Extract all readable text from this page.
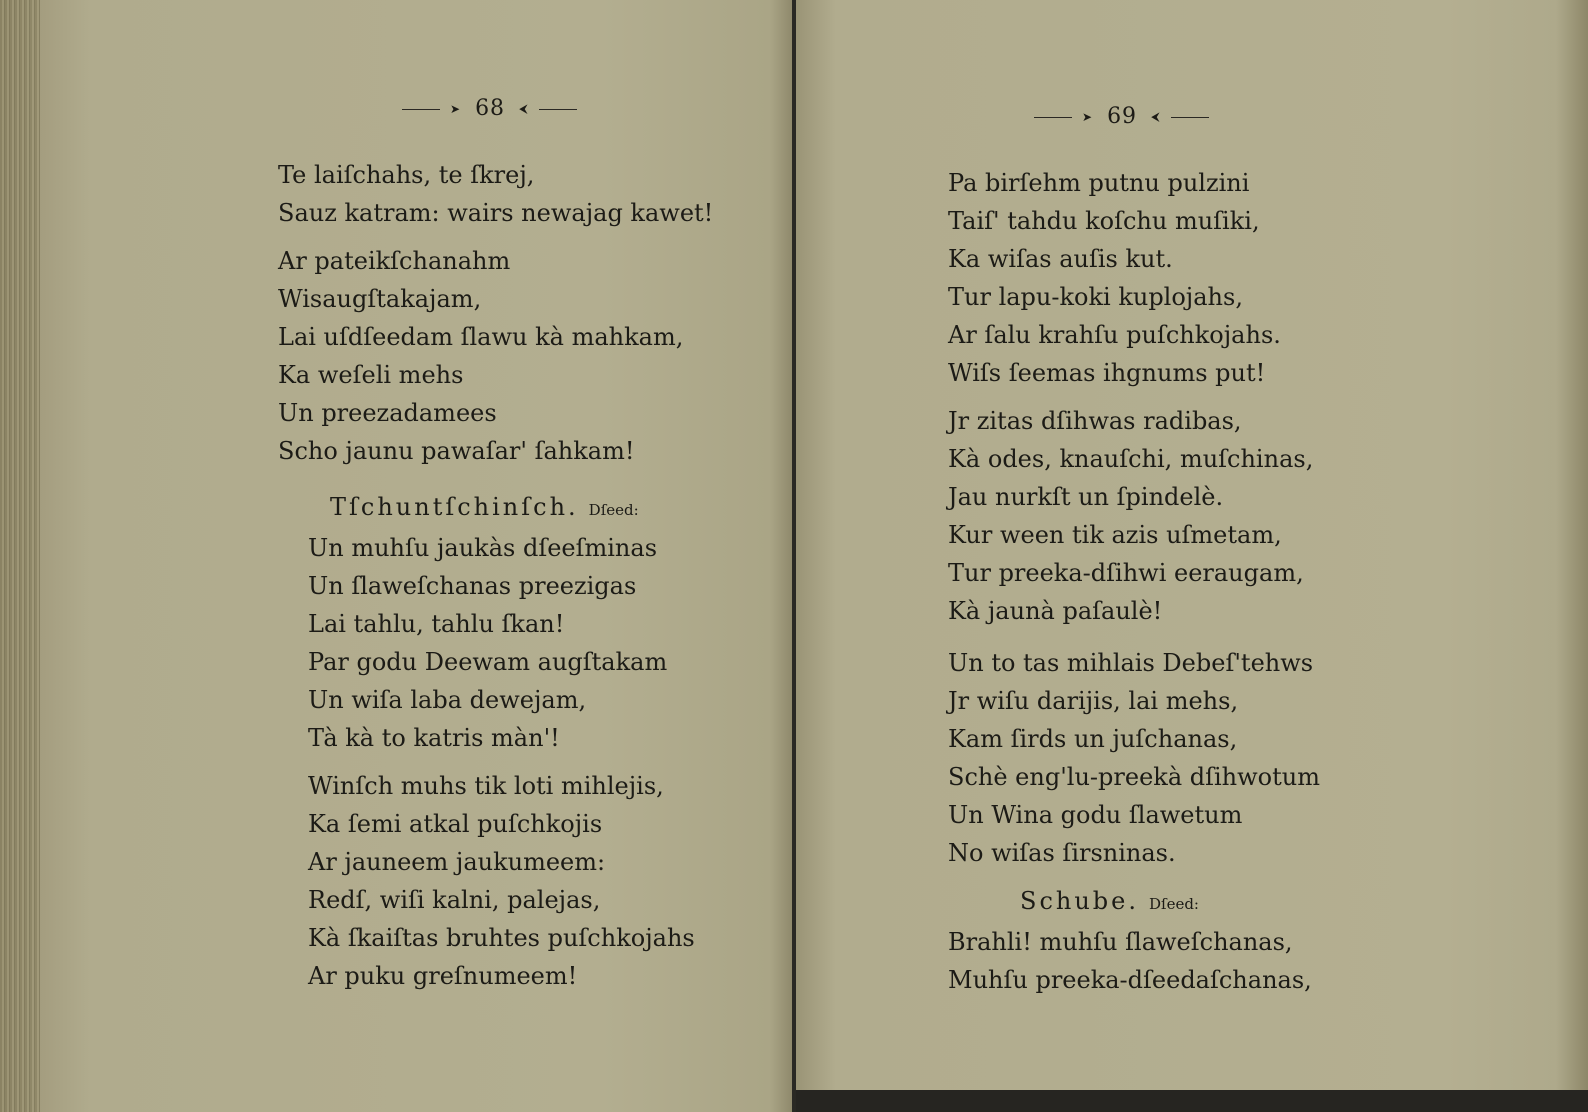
➤ 68 ⮜
Te laiſchahs, te ſkrej,
Sauz katram: wairs newajag kawet!
Ar pateikſchanahm
Wisaugſtakajam,
Lai uſdſeedam ſlawu kà mahkam,
Ka weſeli mehs
Un preezadamees
Scho jaunu pawaſar' ſahkam!
Tſchuntſchinſch. Dſeed:
Un muhſu jaukàs dſeeſminas
Un ſlaweſchanas preezigas
Lai tahlu, tahlu ſkan!
Par godu Deewam augſtakam
Un wiſa laba dewejam,
Tà kà to katris màn'!
Winſch muhs tik loti mihlejis,
Ka ſemi atkal puſchkojis
Ar jauneem jaukumeem:
Redſ, wiſi kalni, palejas,
Kà ſkaiſtas bruhtes puſchkojahs
Ar puku greſnumeem!
➤ 69 ⮜
Pa birſehm putnu pulzini
Taiſ' tahdu koſchu muſiki,
Ka wiſas auſis kut.
Tur lapu-koki kuplojahs,
Ar ſalu krahſu puſchkojahs.
Wiſs ſeemas ihgnums put!
Jr zitas dſihwas radibas,
Kà odes, knauſchi, muſchinas,
Jau nurkſt un ſpindelè.
Kur ween tik azis uſmetam,
Tur preeka-dſihwi eeraugam,
Kà jaunà paſaulè!
Un to tas mihlais Debeſ'tehws
Jr wiſu darijis, lai mehs,
Kam ſirds un juſchanas,
Schè eng'lu-preekà dſihwotum
Un Wina godu ſlawetum
No wiſas ſirsninas.
Schube. Dſeed:
Brahli! muhſu ſlaweſchanas,
Muhſu preeka-dſeedaſchanas,
